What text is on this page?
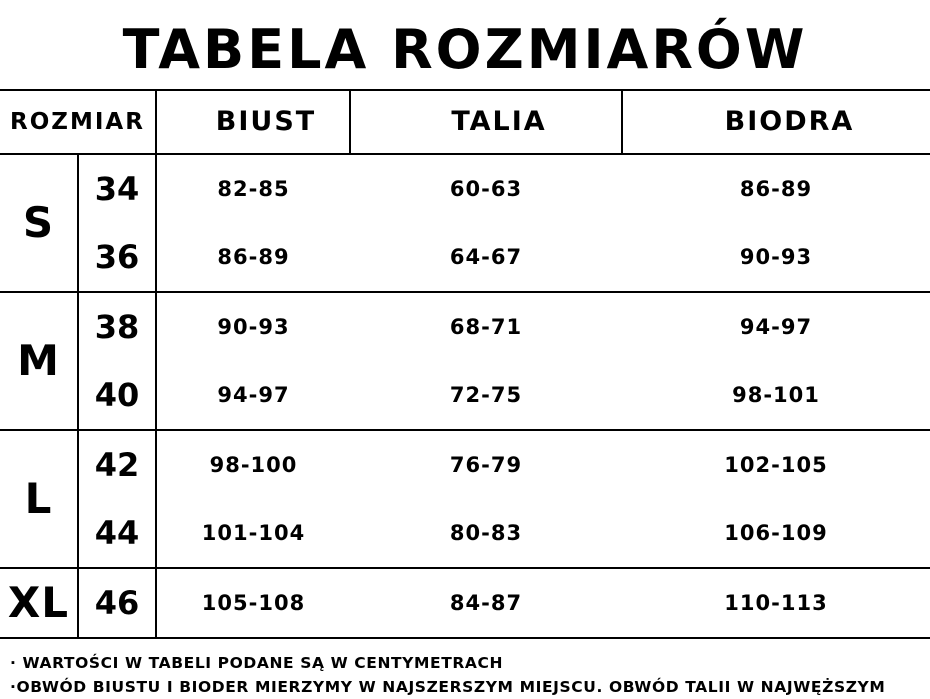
TABELA ROZMIARÓW
ROZMIAR		BIUST	TALIA	BIODRA
S	34	82-85	60-63	86-89
	36	86-89	64-67	90-93
M	38	90-93	68-71	94-97
	40	94-97	72-75	98-101
L	42	98-100	76-79	102-105
	44	101-104	80-83	106-109
XL	46	105-108	84-87	110-113
· WARTOŚCI W TABELI PODANE SĄ W CENTYMETRACH
·OBWÓD BIUSTU I BIODER MIERZYMY W NAJSZERSZYM MIEJSCU. OBWÓD TALII W NAJWĘŻSZYM
